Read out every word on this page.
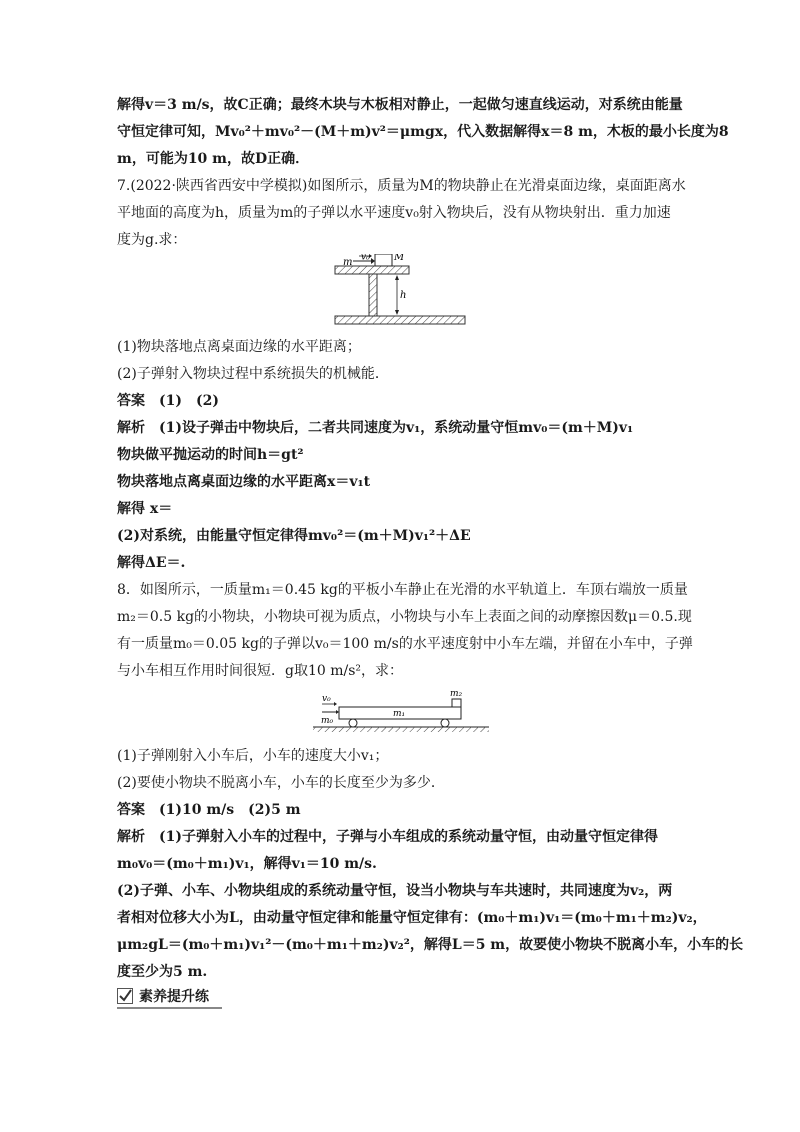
解得v＝3 m/s，故C正确；最终木块与木板相对静止，一起做匀速直线运动，对系统由能量
守恒定律可知，Mv₀²＋mv₀²－(M＋m)v²＝μmgx，代入数据解得x＝8 m，木板的最小长度为8
m，可能为10 m，故D正确．
7.(2022·陕西省西安中学模拟)如图所示，质量为M的物块静止在光滑桌面边缘，桌面距离水
平地面的高度为h，质量为m的子弹以水平速度v₀射入物块后，没有从物块射出．重力加速
度为g.求：
m v₀ M
h
(1)物块落地点离桌面边缘的水平距离；
(2)子弹射入物块过程中系统损失的机械能．
答案　(1)　(2)
解析　(1)设子弹击中物块后，二者共同速度为v₁，系统动量守恒mv₀＝(m＋M)v₁
物块做平抛运动的时间h＝gt²
物块落地点离桌面边缘的水平距离x＝v₁t
解得 x＝
(2)对系统，由能量守恒定律得mv₀²＝(m＋M)v₁²＋ΔE
解得ΔE＝.
8．如图所示，一质量m₁＝0.45 kg的平板小车静止在光滑的水平轨道上．车顶右端放一质量
m₂＝0.5 kg的小物块，小物块可视为质点，小物块与小车上表面之间的动摩擦因数μ＝0.5.现
有一质量m₀＝0.05 kg的子弹以v₀＝100 m/s的水平速度射中小车左端，并留在小车中，子弹
与小车相互作用时间很短．g取10 m/s²，求：
v₀
m₀
m₁
m₂
(1)子弹刚射入小车后，小车的速度大小v₁；
(2)要使小物块不脱离小车，小车的长度至少为多少．
答案　(1)10 m/s　(2)5 m
解析　(1)子弹射入小车的过程中，子弹与小车组成的系统动量守恒，由动量守恒定律得
m₀v₀＝(m₀＋m₁)v₁，解得v₁＝10 m/s.
(2)子弹、小车、小物块组成的系统动量守恒，设当小物块与车共速时，共同速度为v₂，两
者相对位移大小为L，由动量守恒定律和能量守恒定律有：(m₀＋m₁)v₁＝(m₀＋m₁＋m₂)v₂，
μm₂gL＝(m₀＋m₁)v₁²－(m₀＋m₁＋m₂)v₂²，解得L＝5 m，故要使小物块不脱离小车，小车的长
度至少为5 m.
素养提升练
